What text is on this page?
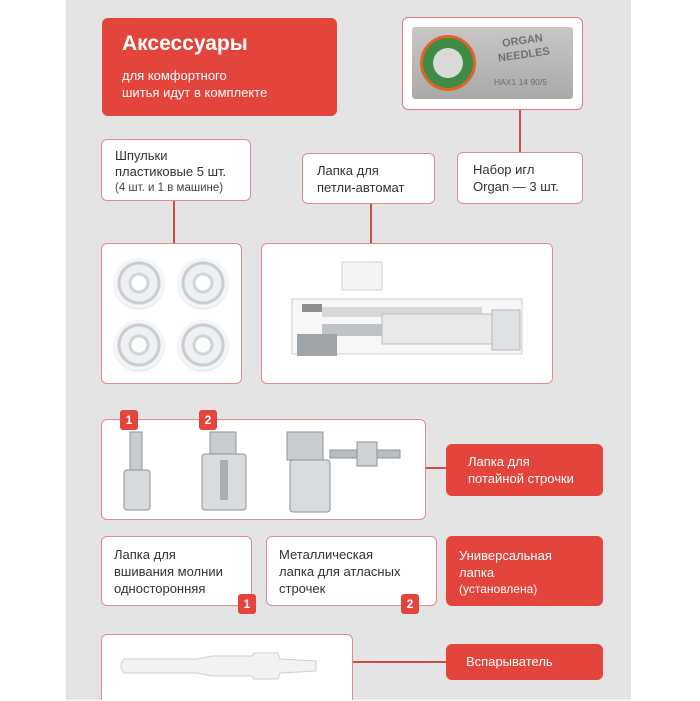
Аксессуары
для комфортного
шитья идут в комплекте
ORGAN
NEEDLES
HAX1 14 90/5
Шпульки
пластиковые 5 шт.
(4 шт. и 1 в машине)
Лапка для
петли-автомат
Набор игл
Organ — 3 шт.
1	2
Лапка для
потайной строчки
Лапка для
вшивания молнии
односторонняя
1
Металлическая
лапка для атласных
строчек
2
Универсальная
лапка
(установлена)
Вспарыватель
